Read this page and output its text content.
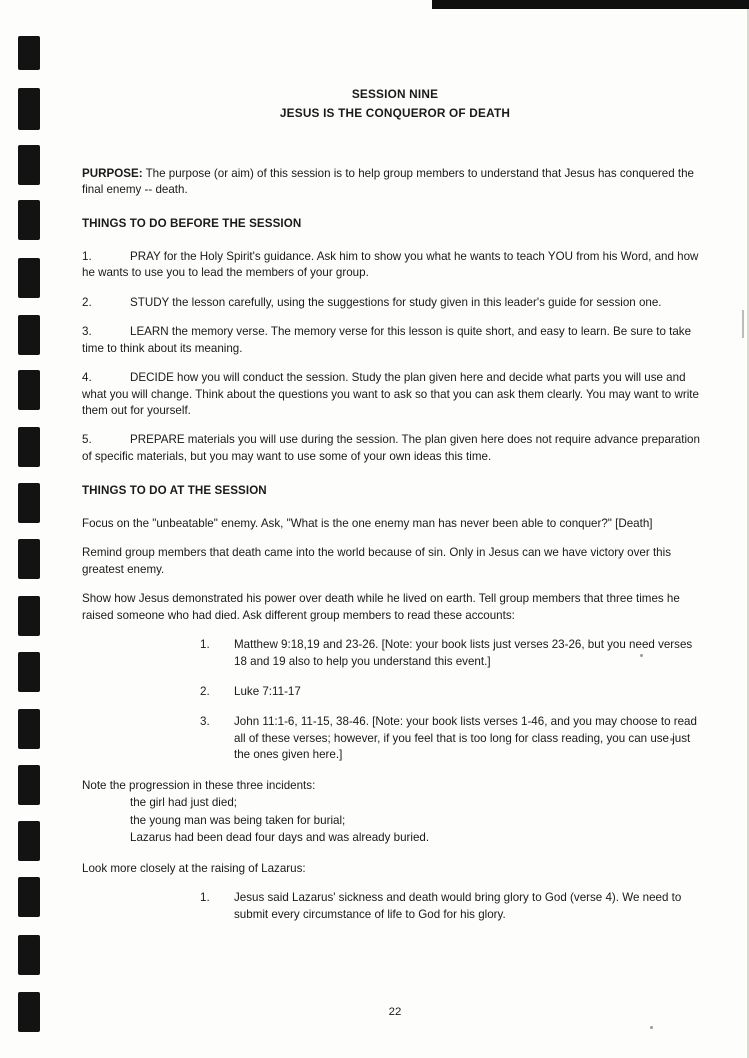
SESSION NINE
JESUS IS THE CONQUEROR OF DEATH

PURPOSE: The purpose (or aim) of this session is to help group members to understand that Jesus has conquered the final enemy -- death.

THINGS TO DO BEFORE THE SESSION
1.	PRAY for the Holy Spirit's guidance. Ask him to show you what he wants to teach YOU from his Word, and how he wants to use you to lead the members of your group.
2.	STUDY the lesson carefully, using the suggestions for study given in this leader's guide for session one.
3.	LEARN the memory verse. The memory verse for this lesson is quite short, and easy to learn. Be sure to take time to think about its meaning.
4.	DECIDE how you will conduct the session. Study the plan given here and decide what parts you will use and what you will change. Think about the questions you want to ask so that you can ask them clearly. You may want to write them out for yourself.
5.	PREPARE materials you will use during the session. The plan given here does not require advance preparation of specific materials, but you may want to use some of your own ideas this time.
THINGS TO DO AT THE SESSION

Focus on the "unbeatable" enemy. Ask, "What is the one enemy man has never been able to conquer?" [Death]

Remind group members that death came into the world because of sin. Only in Jesus can we have victory over this greatest enemy.

Show how Jesus demonstrated his power over death while he lived on earth. Tell group members that three times he raised someone who had died. Ask different group members to read these accounts:

1. Matthew 9:18,19 and 23-26. [Note: your book lists just verses 23-26, but you need verses 18 and 19 also to help you understand this event.]
2. Luke 7:11-17
3. John 11:1-6, 11-15, 38-46. [Note: your book lists verses 1-46, and you may choose to read all of these verses; however, if you feel that is too long for class reading, you can use just the ones given here.]

Note the progression in these three incidents:

the girl had just died;

the young man was being taken for burial;

Lazarus had been dead four days and was already buried.

Look more closely at the raising of Lazarus:

1. Jesus said Lazarus' sickness and death would bring glory to God (verse 4). We need to submit every circumstance of life to God for his glory.
22
